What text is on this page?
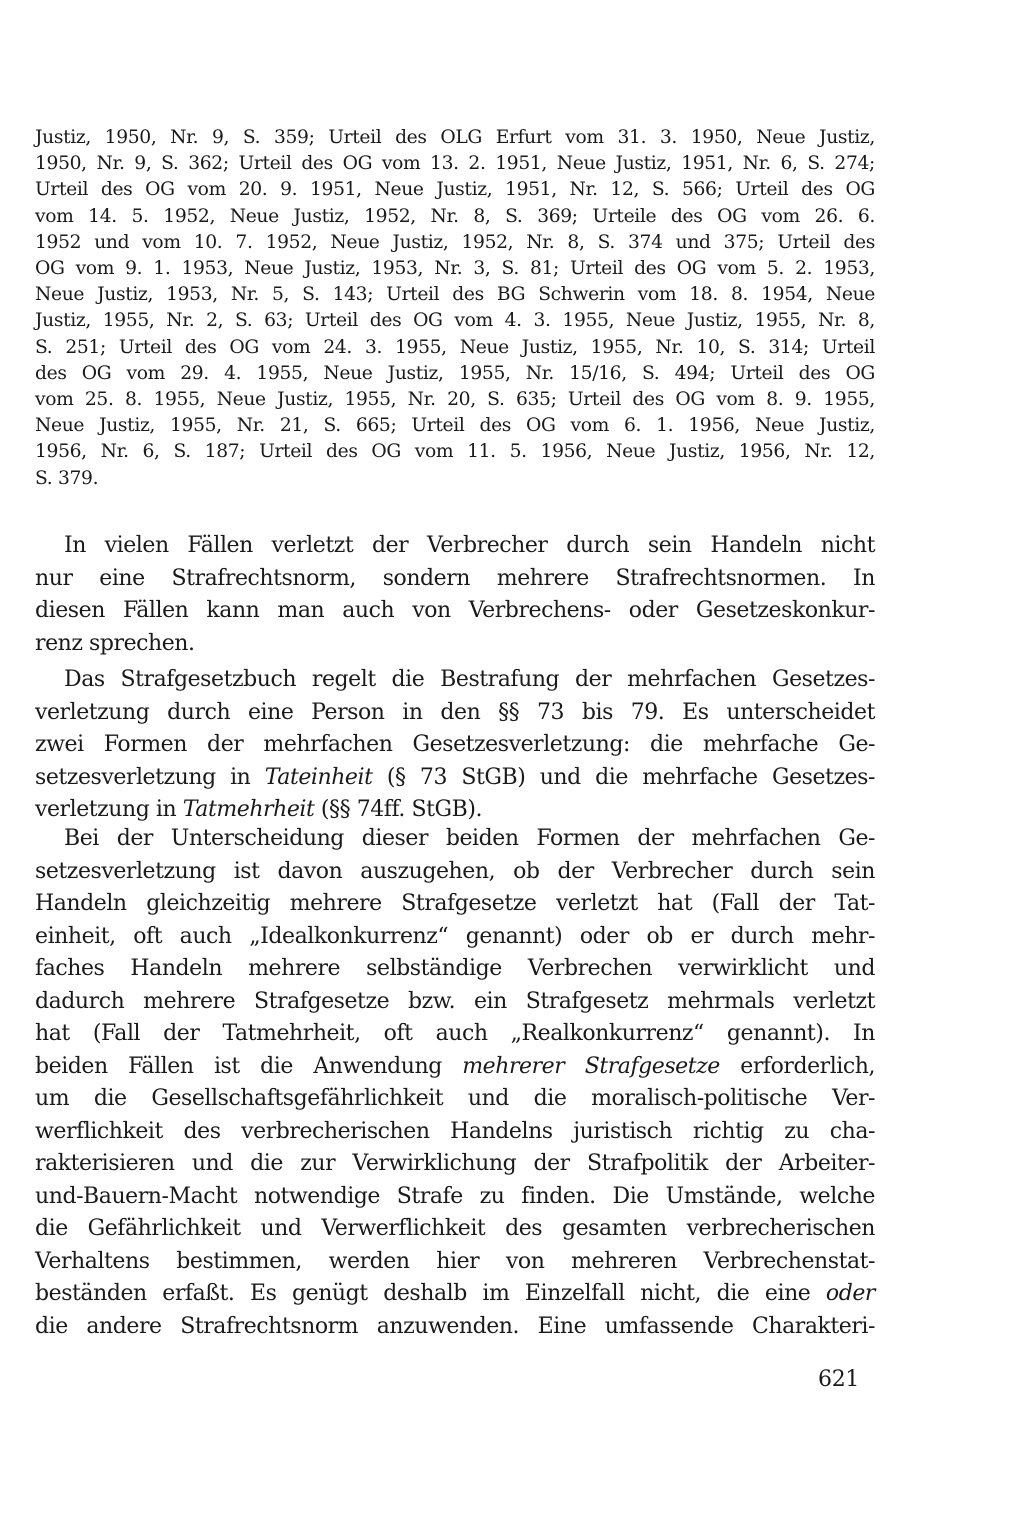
Justiz, 1950, Nr. 9, S. 359; Urteil des OLG Erfurt vom 31. 3. 1950, Neue Justiz,
1950, Nr. 9, S. 362; Urteil des OG vom 13. 2. 1951, Neue Justiz, 1951, Nr. 6, S. 274;
Urteil des OG vom 20. 9. 1951, Neue Justiz, 1951, Nr. 12, S. 566; Urteil des OG
vom 14. 5. 1952, Neue Justiz, 1952, Nr. 8, S. 369; Urteile des OG vom 26. 6.
1952 und vom 10. 7. 1952, Neue Justiz, 1952, Nr. 8, S. 374 und 375; Urteil des
OG vom 9. 1. 1953, Neue Justiz, 1953, Nr. 3, S. 81; Urteil des OG vom 5. 2. 1953,
Neue Justiz, 1953, Nr. 5, S. 143; Urteil des BG Schwerin vom 18. 8. 1954, Neue
Justiz, 1955, Nr. 2, S. 63; Urteil des OG vom 4. 3. 1955, Neue Justiz, 1955, Nr. 8,
S. 251; Urteil des OG vom 24. 3. 1955, Neue Justiz, 1955, Nr. 10, S. 314; Urteil
des OG vom 29. 4. 1955, Neue Justiz, 1955, Nr. 15/16, S. 494; Urteil des OG
vom 25. 8. 1955, Neue Justiz, 1955, Nr. 20, S. 635; Urteil des OG vom 8. 9. 1955,
Neue Justiz, 1955, Nr. 21, S. 665; Urteil des OG vom 6. 1. 1956, Neue Justiz,
1956, Nr. 6, S. 187; Urteil des OG vom 11. 5. 1956, Neue Justiz, 1956, Nr. 12,
S. 379.
In vielen Fällen verletzt der Verbrecher durch sein Handeln nicht
nur eine Strafrechtsnorm, sondern mehrere Strafrechtsnormen. In
diesen Fällen kann man auch von Verbrechens- oder Gesetzeskonkur-
renz sprechen.
Das Strafgesetzbuch regelt die Bestrafung der mehrfachen Gesetzes-
verletzung durch eine Person in den §§ 73 bis 79. Es unterscheidet
zwei Formen der mehrfachen Gesetzesverletzung: die mehrfache Ge-
setzesverletzung in Tateinheit (§ 73 StGB) und die mehrfache Gesetzes-
verletzung in Tatmehrheit (§§ 74ff. StGB).
Bei der Unterscheidung dieser beiden Formen der mehrfachen Ge-
setzesverletzung ist davon auszugehen, ob der Verbrecher durch sein
Handeln gleichzeitig mehrere Strafgesetze verletzt hat (Fall der Tat-
einheit, oft auch „Idealkonkurrenz“ genannt) oder ob er durch mehr-
faches Handeln mehrere selbständige Verbrechen verwirklicht und
dadurch mehrere Strafgesetze bzw. ein Strafgesetz mehrmals verletzt
hat (Fall der Tatmehrheit, oft auch „Realkonkurrenz“ genannt). In
beiden Fällen ist die Anwendung mehrerer Strafgesetze erforderlich,
um die Gesellschaftsgefährlichkeit und die moralisch-politische Ver-
werflichkeit des verbrecherischen Handelns juristisch richtig zu cha-
rakterisieren und die zur Verwirklichung der Strafpolitik der Arbeiter-
und-Bauern-Macht notwendige Strafe zu finden. Die Umstände, welche
die Gefährlichkeit und Verwerflichkeit des gesamten verbrecherischen
Verhaltens bestimmen, werden hier von mehreren Verbrechenstat-
beständen erfaßt. Es genügt deshalb im Einzelfall nicht, die eine oder
die andere Strafrechtsnorm anzuwenden. Eine umfassende Charakteri-
621
